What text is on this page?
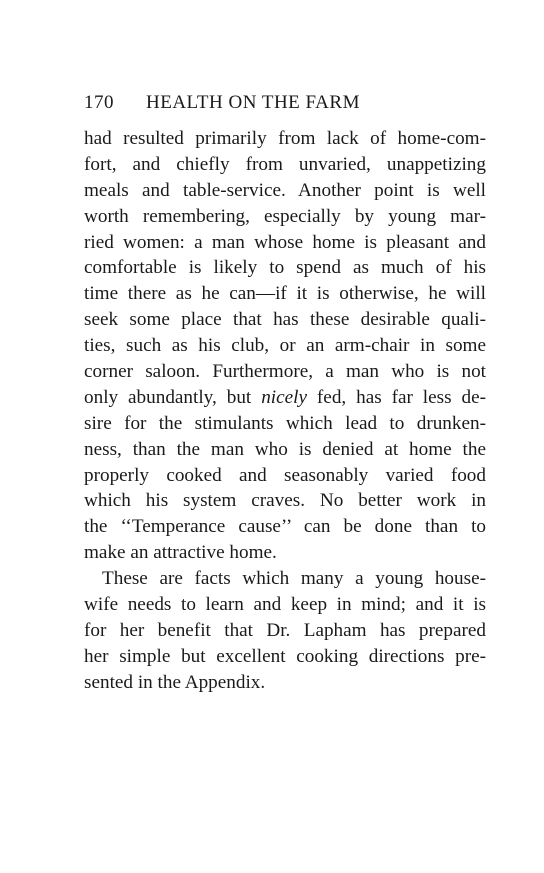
170	HEALTH ON THE FARM
had resulted primarily from lack of home-com-
fort, and chiefly from unvaried, unappetizing
meals and table-service. Another point is well
worth remembering, especially by young mar-
ried women: a man whose home is pleasant and
comfortable is likely to spend as much of his
time there as he can—if it is otherwise, he will
seek some place that has these desirable quali-
ties, such as his club, or an arm-chair in some
corner saloon. Furthermore, a man who is not
only abundantly, but nicely fed, has far less de-
sire for the stimulants which lead to drunken-
ness, than the man who is denied at home the
properly cooked and seasonably varied food
which his system craves. No better work in
the ‘‘Temperance cause’’ can be done than to
make an attractive home.
These are facts which many a young house-
wife needs to learn and keep in mind; and it is
for her benefit that Dr. Lapham has prepared
her simple but excellent cooking directions pre-
sented in the Appendix.
